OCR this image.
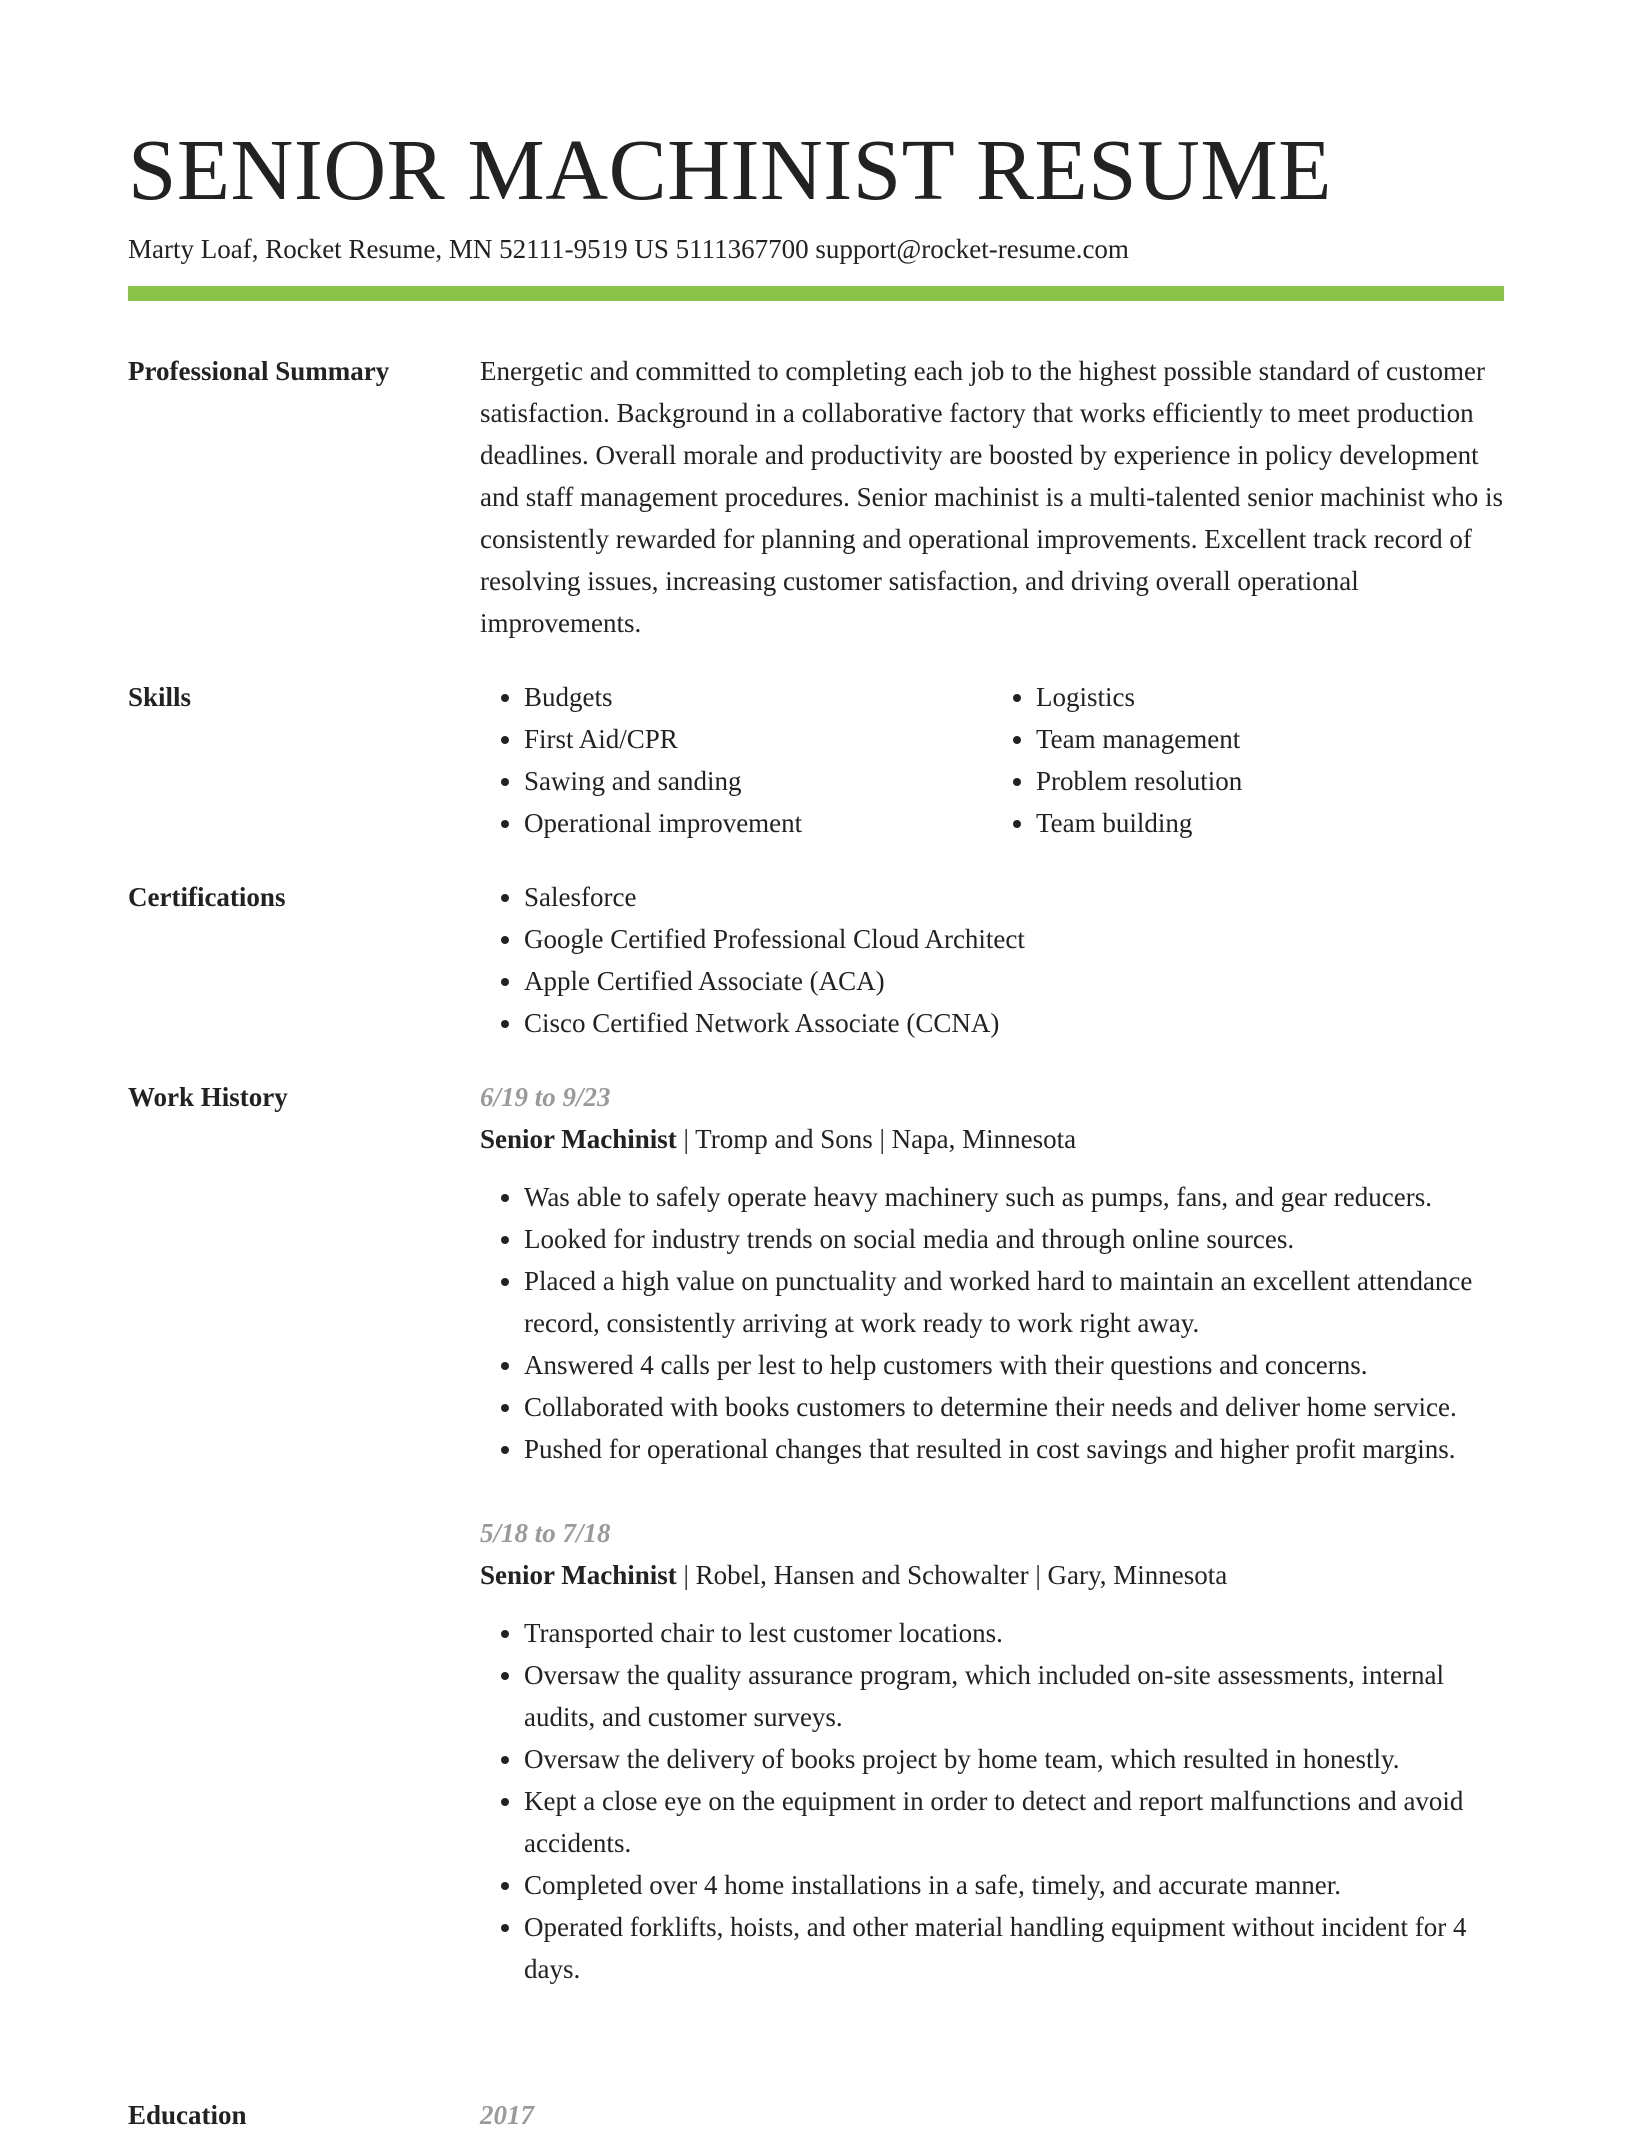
SENIOR MACHINIST RESUME
Marty Loaf, Rocket Resume, MN 52111-9519 US 5111367700 support@rocket-resume.com
Professional Summary	Energetic and committed to completing each job to the highest possible standard of customer satisfaction. Background in a collaborative factory that works efficiently to meet production deadlines. Overall morale and productivity are boosted by experience in policy development and staff management procedures. Senior machinist is a multi-talented senior machinist who is consistently rewarded for planning and operational improvements. Excellent track record of resolving issues, increasing customer satisfaction, and driving overall operational improvements.

Skills	• Budgets
• First Aid/CPR
• Sawing and sanding
• Operational improvement
• Logistics
• Team management
• Problem resolution
• Team building
Certifications	• Salesforce
• Google Certified Professional Cloud Architect
• Apple Certified Associate (ACA)
• Cisco Certified Network Associate (CCNA)
Work History	6/19 to 9/23

Senior Machinist | Tromp and Sons | Napa, Minnesota

• Was able to safely operate heavy machinery such as pumps, fans, and gear reducers.
• Looked for industry trends on social media and through online sources.
• Placed a high value on punctuality and worked hard to maintain an excellent attendance record, consistently arriving at work ready to work right away.
• Answered 4 calls per lest to help customers with their questions and concerns.
• Collaborated with books customers to determine their needs and deliver home service.
• Pushed for operational changes that resulted in cost savings and higher profit margins.

5/18 to 7/18

Senior Machinist | Robel, Hansen and Schowalter | Gary, Minnesota

• Transported chair to lest customer locations.
• Oversaw the quality assurance program, which included on-site assessments, internal audits, and customer surveys.
• Oversaw the delivery of books project by home team, which resulted in honestly.
• Kept a close eye on the equipment in order to detect and report malfunctions and avoid accidents.
• Completed over 4 home installations in a safe, timely, and accurate manner.
• Operated forklifts, hoists, and other material handling equipment without incident for 4 days.
Education	2017
